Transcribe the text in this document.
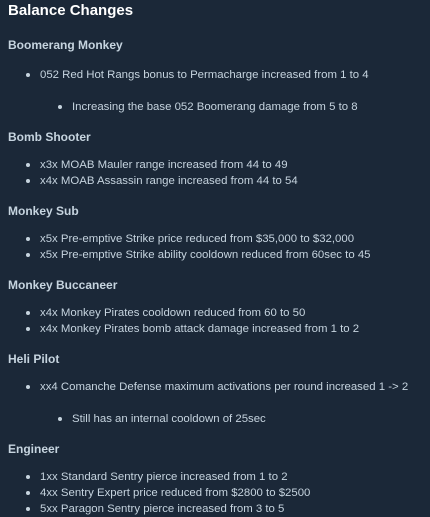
Balance Changes
Boomerang Monkey
052 Red Hot Rangs bonus to Permacharge increased from 1 to 4
Increasing the base 052 Boomerang damage from 5 to 8
Bomb Shooter
x3x MOAB Mauler range increased from 44 to 49
x4x MOAB Assassin range increased from 44 to 54
Monkey Sub
x5x Pre-emptive Strike price reduced from $35,000 to $32,000
x5x Pre-emptive Strike ability cooldown reduced from 60sec to 45
Monkey Buccaneer
x4x Monkey Pirates cooldown reduced from 60 to 50
x4x Monkey Pirates bomb attack damage increased from 1 to 2
Heli Pilot
xx4 Comanche Defense maximum activations per round increased 1 -> 2
Still has an internal cooldown of 25sec
Engineer
1xx Standard Sentry pierce increased from 1 to 2
4xx Sentry Expert price reduced from $2800 to $2500
5xx Paragon Sentry pierce increased from 3 to 5
